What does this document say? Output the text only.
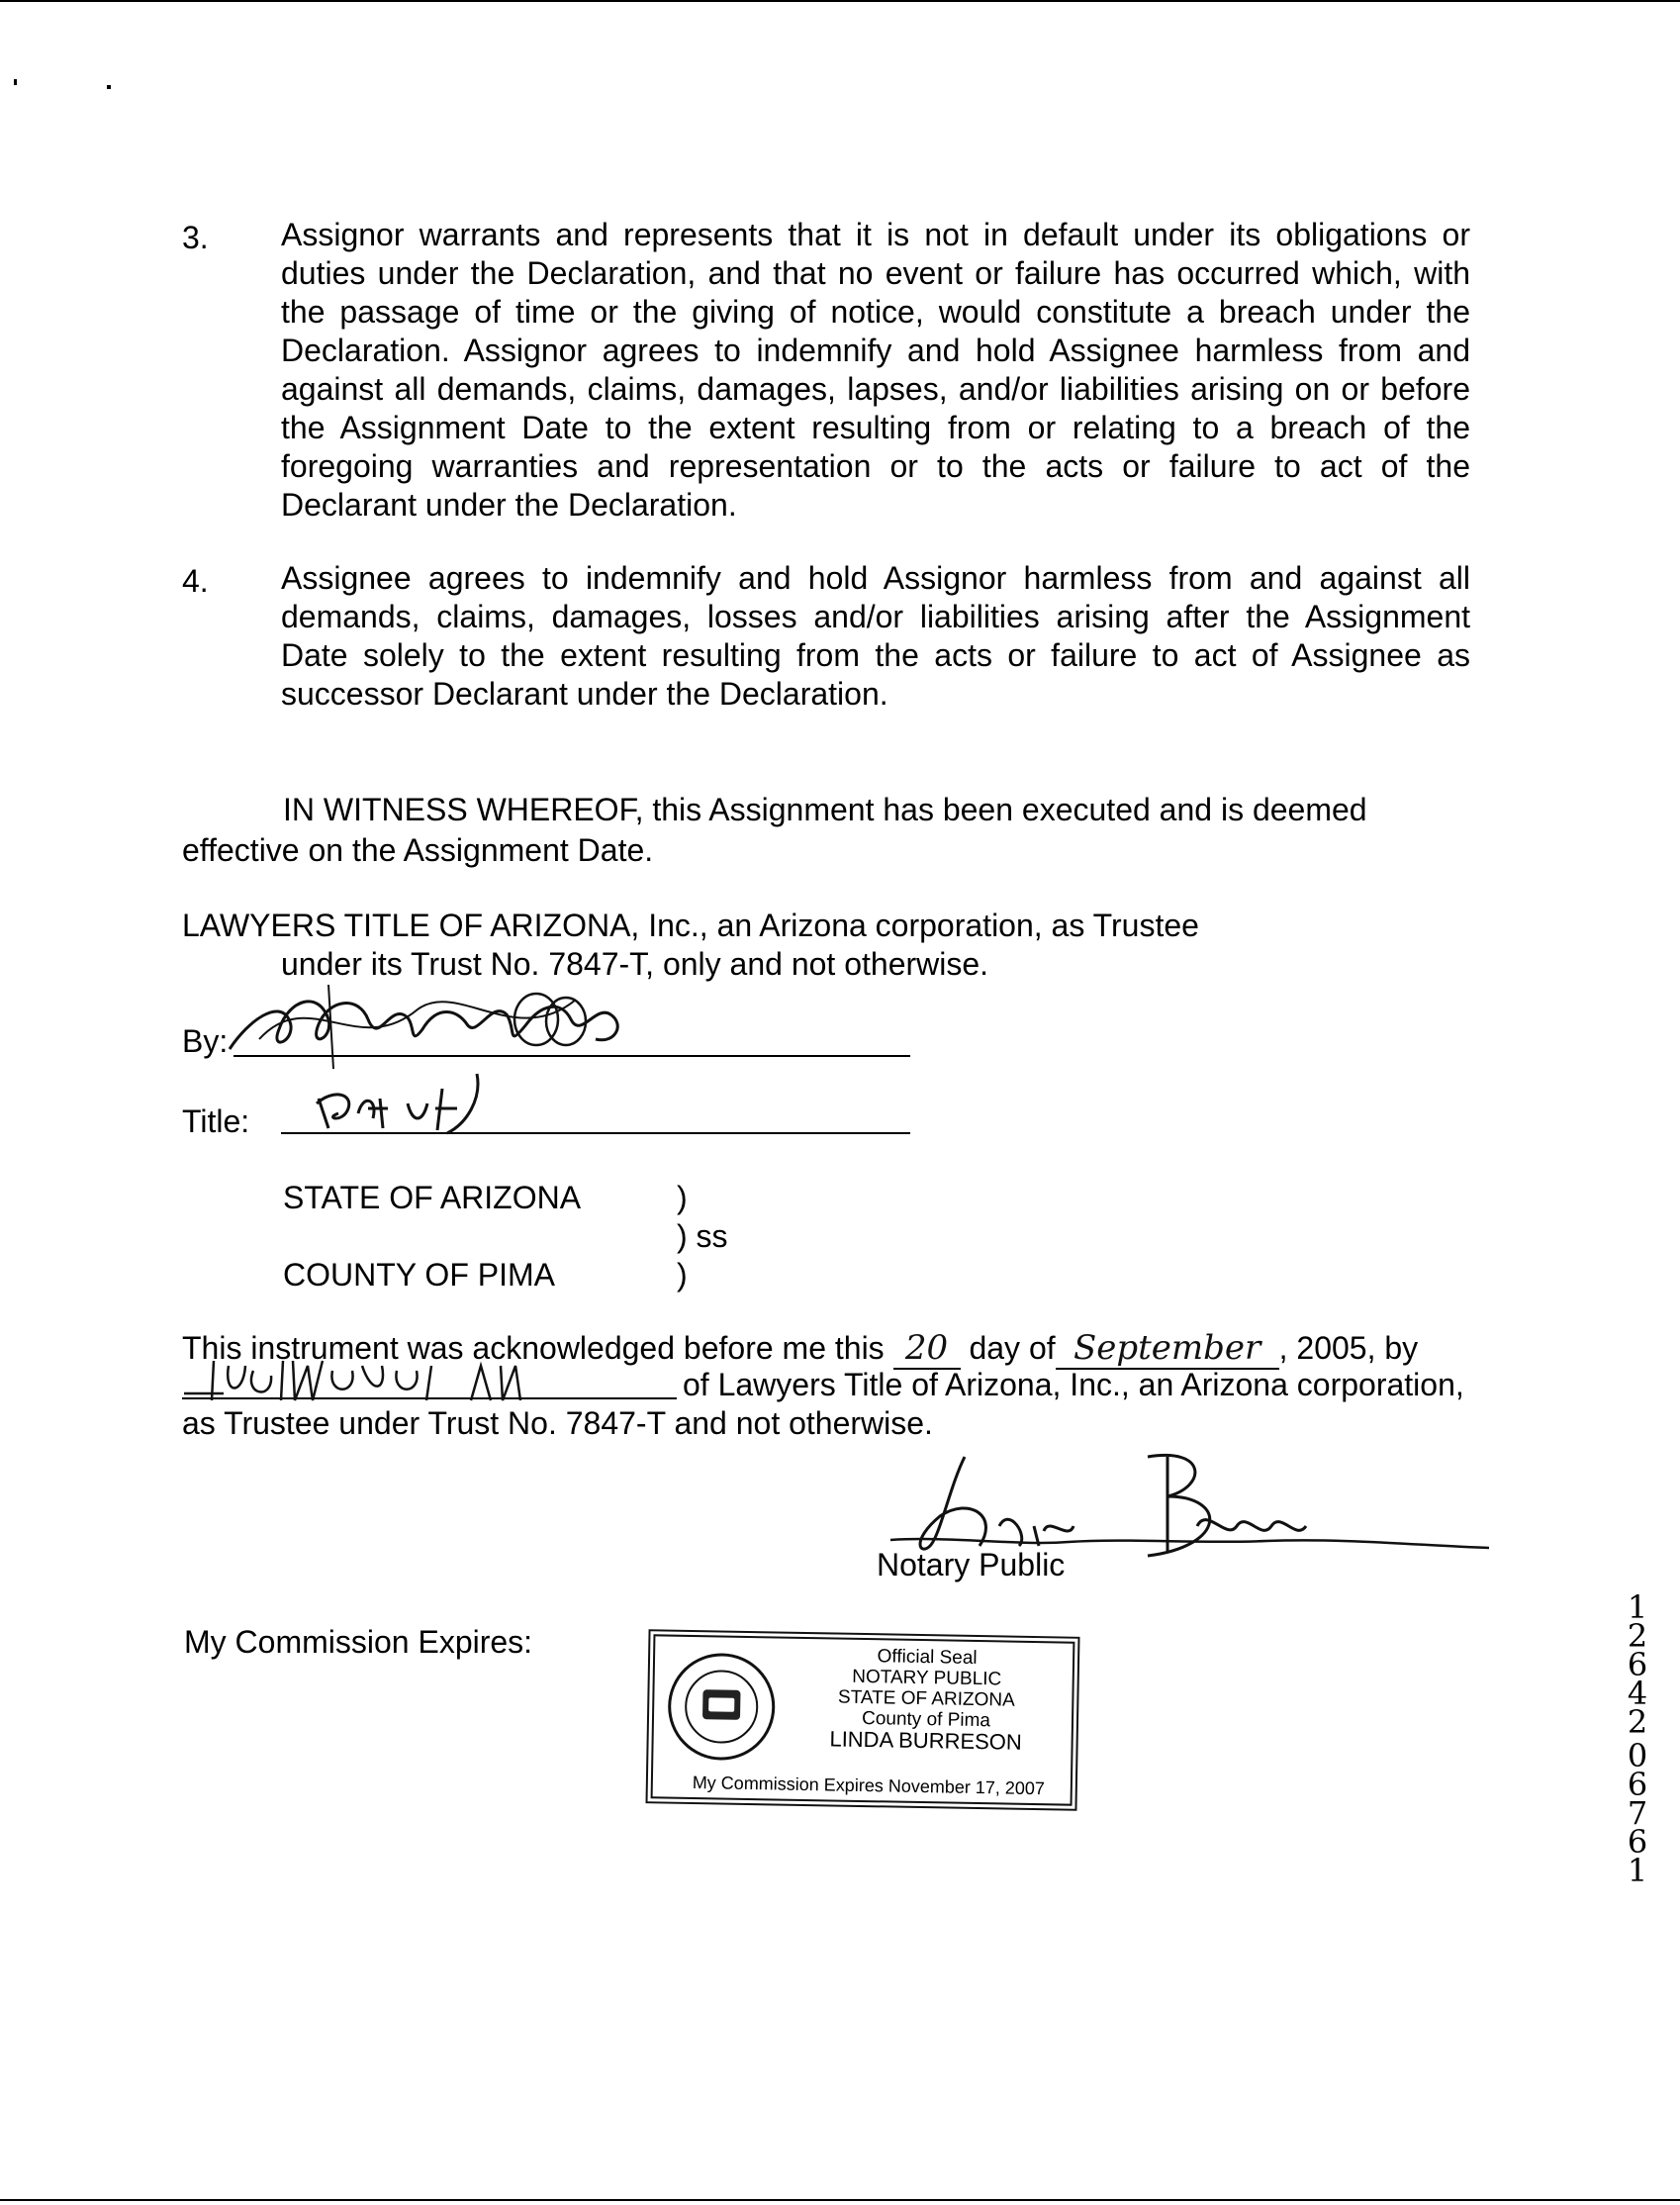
3. Assignor warrants and represents that it is not in default under its obligations or duties under the Declaration, and that no event or failure has occurred which, with the passage of time or the giving of notice, would constitute a breach under the Declaration. Assignor agrees to indemnify and hold Assignee harmless from and against all demands, claims, damages, lapses, and/or liabilities arising on or before the Assignment Date to the extent resulting from or relating to a breach of the foregoing warranties and representation or to the acts or failure to act of the Declarant under the Declaration.
4. Assignee agrees to indemnify and hold Assignor harmless from and against all demands, claims, damages, losses and/or liabilities arising after the Assignment Date solely to the extent resulting from the acts or failure to act of Assignee as successor Declarant under the Declaration.
IN WITNESS WHEREOF, this Assignment has been executed and is deemed
effective on the Assignment Date.
LAWYERS TITLE OF ARIZONA, Inc., an Arizona corporation, as Trustee
under its Trust No. 7847-T, only and not otherwise.
By:
Title:
STATE OF ARIZONA	)
) ss
COUNTY OF PIMA	)
This instrument was acknowledged before me this 20 day of September , 2005, by
of Lawyers Title of Arizona, Inc., an Arizona corporation,
as Trustee under Trust No. 7847-T and not otherwise.
Notary Public
My Commission Expires:	Official Seal
NOTARY PUBLIC
STATE OF ARIZONA
County of Pima
LINDA BURRESON
My Commission Expires November 17, 2007
1
2
6
4
2
0
6
7
6
1
